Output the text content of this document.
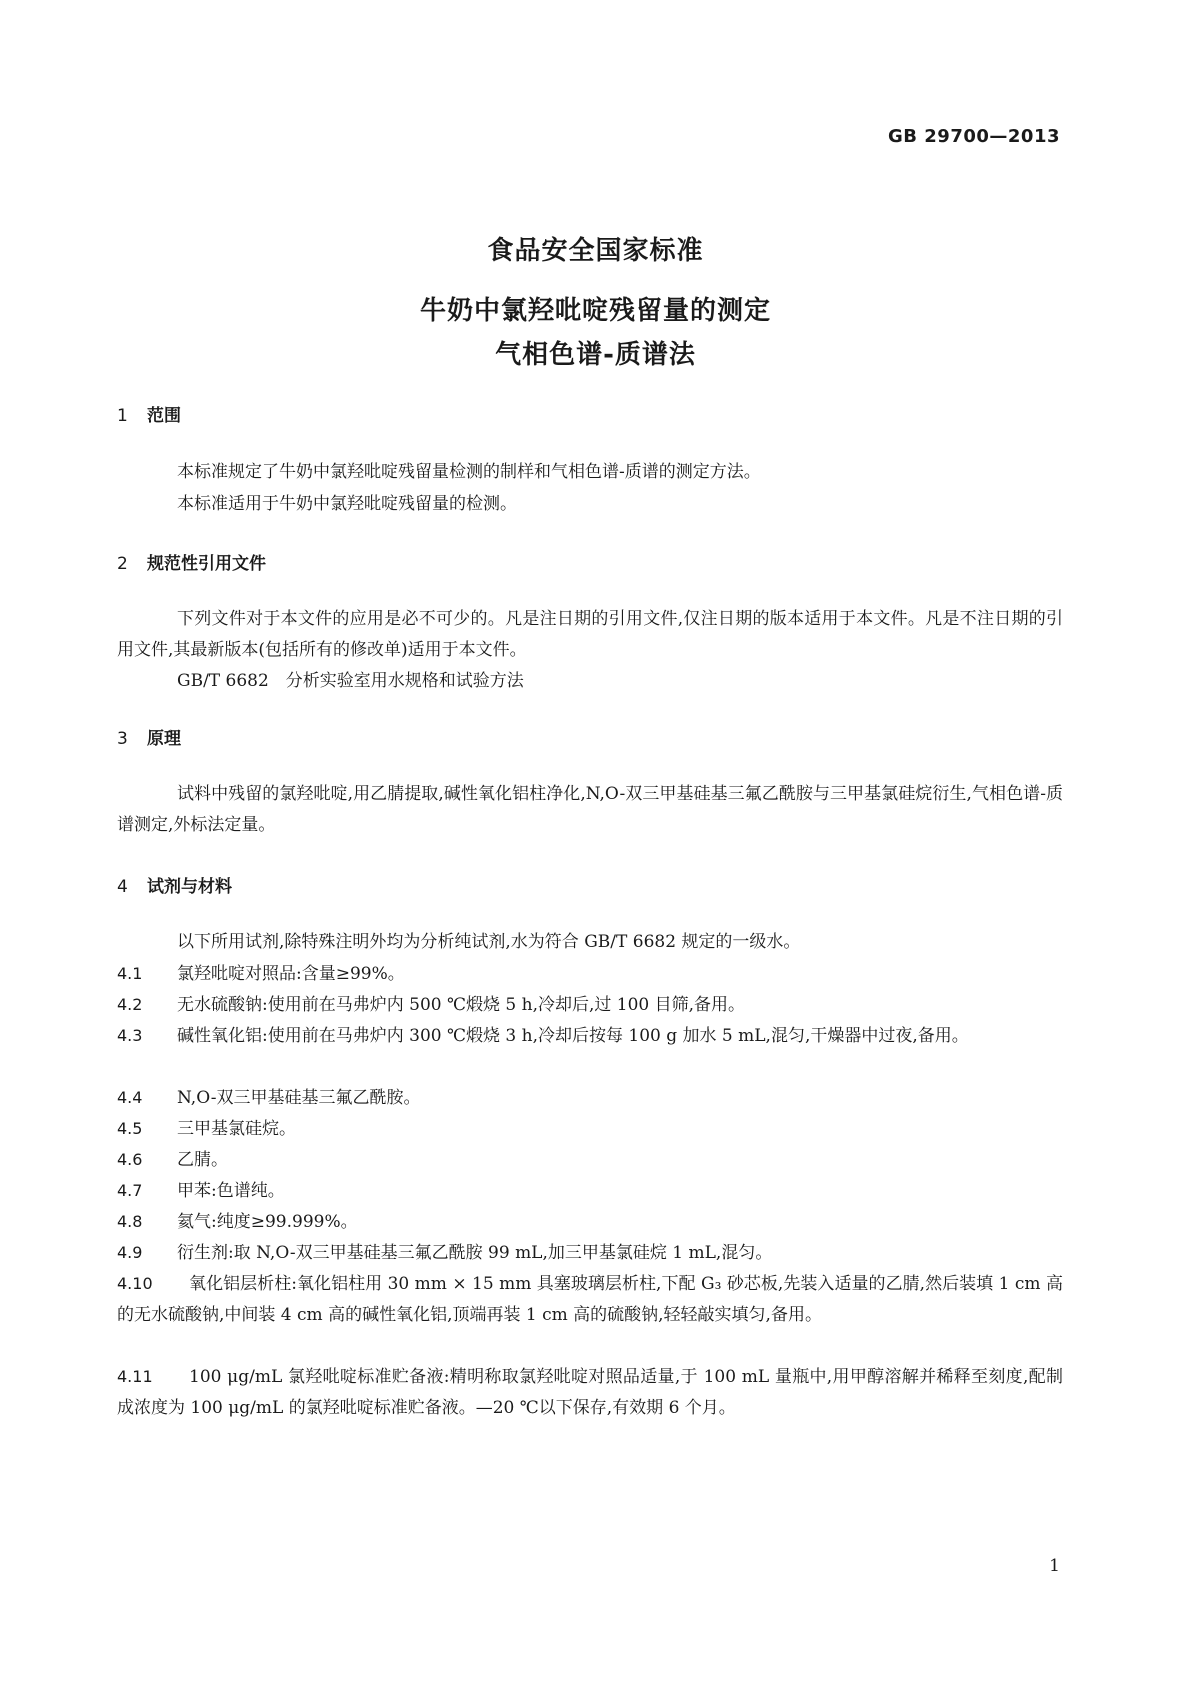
GB 29700—2013
食品安全国家标准
牛奶中氯羟吡啶残留量的测定
气相色谱-质谱法
1 范围
本标准规定了牛奶中氯羟吡啶残留量检测的制样和气相色谱-质谱的测定方法。
本标准适用于牛奶中氯羟吡啶残留量的检测。
2 规范性引用文件
下列文件对于本文件的应用是必不可少的。凡是注日期的引用文件,仅注日期的版本适用于本文件。凡是不注日期的引用文件,其最新版本(包括所有的修改单)适用于本文件。
GB/T 6682　分析实验室用水规格和试验方法
3 原理
试料中残留的氯羟吡啶,用乙腈提取,碱性氧化铝柱净化,N,O-双三甲基硅基三氟乙酰胺与三甲基氯硅烷衍生,气相色谱-质谱测定,外标法定量。
4 试剂与材料
以下所用试剂,除特殊注明外均为分析纯试剂,水为符合 GB/T 6682 规定的一级水。
4.1 氯羟吡啶对照品:含量≥99%。
4.2 无水硫酸钠:使用前在马弗炉内 500 ℃煅烧 5 h,冷却后,过 100 目筛,备用。
4.3 碱性氧化铝:使用前在马弗炉内 300 ℃煅烧 3 h,冷却后按每 100 g 加水 5 mL,混匀,干燥器中过夜,备用。
4.4 N,O-双三甲基硅基三氟乙酰胺。
4.5 三甲基氯硅烷。
4.6 乙腈。
4.7 甲苯:色谱纯。
4.8 氦气:纯度≥99.999%。
4.9 衍生剂:取 N,O-双三甲基硅基三氟乙酰胺 99 mL,加三甲基氯硅烷 1 mL,混匀。
4.10 氧化铝层析柱:氧化铝柱用 30 mm × 15 mm 具塞玻璃层析柱,下配 G₃ 砂芯板,先装入适量的乙腈,然后装填 1 cm 高的无水硫酸钠,中间装 4 cm 高的碱性氧化铝,顶端再装 1 cm 高的硫酸钠,轻轻敲实填匀,备用。
4.11 100 μg/mL 氯羟吡啶标准贮备液:精明称取氯羟吡啶对照品适量,于 100 mL 量瓶中,用甲醇溶解并稀释至刻度,配制成浓度为 100 μg/mL 的氯羟吡啶标准贮备液。—20 ℃以下保存,有效期 6 个月。
1
